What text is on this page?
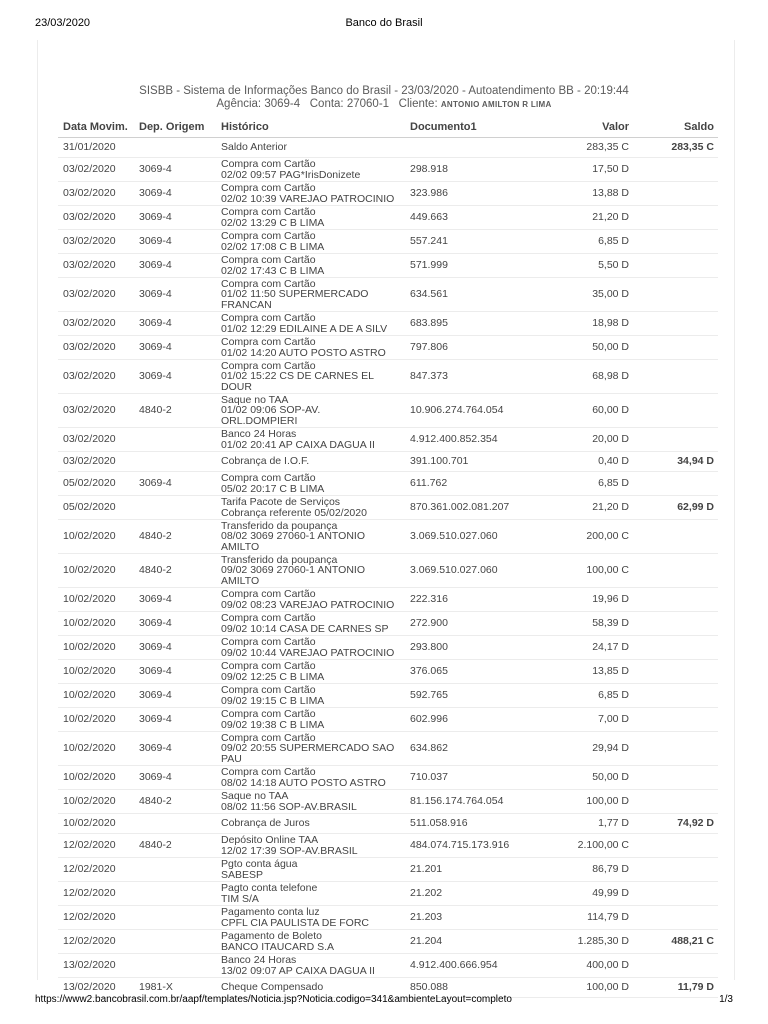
23/03/2020	Banco do Brasil
SISBB - Sistema de Informações Banco do Brasil - 23/03/2020 - Autoatendimento BB - 20:19:44
Agência: 3069-4 Conta: 27060-1 Cliente: ANTONIO AMILTON R LIMA
Data Movim.	Dep. Origem	Histórico	Documento1	Valor	Saldo
31/01/2020		Saldo Anterior		283,35 C	283,35 C
03/02/2020	3069-4	Compra com Cartão
02/02 09:57 PAG*IrisDonizete	298.918	17,50 D	
03/02/2020	3069-4	Compra com Cartão
02/02 10:39 VAREJAO PATROCINIO	323.986	13,88 D	
03/02/2020	3069-4	Compra com Cartão
02/02 13:29 C B LIMA	449.663	21,20 D	
03/02/2020	3069-4	Compra com Cartão
02/02 17:08 C B LIMA	557.241	6,85 D	
03/02/2020	3069-4	Compra com Cartão
02/02 17:43 C B LIMA	571.999	5,50 D	
03/02/2020	3069-4	Compra com Cartão
01/02 11:50 SUPERMERCADO
FRANCAN	634.561	35,00 D	
03/02/2020	3069-4	Compra com Cartão
01/02 12:29 EDILAINE A DE A SILV	683.895	18,98 D	
03/02/2020	3069-4	Compra com Cartão
01/02 14:20 AUTO POSTO ASTRO	797.806	50,00 D	
03/02/2020	3069-4	Compra com Cartão
01/02 15:22 CS DE CARNES EL
DOUR	847.373	68,98 D	
03/02/2020	4840-2	Saque no TAA
01/02 09:06 SOP-AV.
ORL.DOMPIERI	10.906.274.764.054	60,00 D	
03/02/2020		Banco 24 Horas
01/02 20:41 AP CAIXA DAGUA II	4.912.400.852.354	20,00 D	
03/02/2020		Cobrança de I.O.F.	391.100.701	0,40 D	34,94 D
05/02/2020	3069-4	Compra com Cartão
05/02 20:17 C B LIMA	611.762	6,85 D	
05/02/2020		Tarifa Pacote de Serviços
Cobrança referente 05/02/2020	870.361.002.081.207	21,20 D	62,99 D
10/02/2020	4840-2	Transferido da poupança
08/02 3069 27060-1 ANTONIO
AMILTO	3.069.510.027.060	200,00 C	
10/02/2020	4840-2	Transferido da poupança
09/02 3069 27060-1 ANTONIO
AMILTO	3.069.510.027.060	100,00 C	
10/02/2020	3069-4	Compra com Cartão
09/02 08:23 VAREJAO PATROCINIO	222.316	19,96 D	
10/02/2020	3069-4	Compra com Cartão
09/02 10:14 CASA DE CARNES SP	272.900	58,39 D	
10/02/2020	3069-4	Compra com Cartão
09/02 10:44 VAREJAO PATROCINIO	293.800	24,17 D	
10/02/2020	3069-4	Compra com Cartão
09/02 12:25 C B LIMA	376.065	13,85 D	
10/02/2020	3069-4	Compra com Cartão
09/02 19:15 C B LIMA	592.765	6,85 D	
10/02/2020	3069-4	Compra com Cartão
09/02 19:38 C B LIMA	602.996	7,00 D	
10/02/2020	3069-4	Compra com Cartão
09/02 20:55 SUPERMERCADO SAO
PAU	634.862	29,94 D	
10/02/2020	3069-4	Compra com Cartão
08/02 14:18 AUTO POSTO ASTRO	710.037	50,00 D	
10/02/2020	4840-2	Saque no TAA
08/02 11:56 SOP-AV.BRASIL	81.156.174.764.054	100,00 D	
10/02/2020		Cobrança de Juros	511.058.916	1,77 D	74,92 D
12/02/2020	4840-2	Depósito Online TAA
12/02 17:39 SOP-AV.BRASIL	484.074.715.173.916	2.100,00 C	
12/02/2020		Pgto conta água
SABESP	21.201	86,79 D	
12/02/2020		Pagto conta telefone
TIM S/A	21.202	49,99 D	
12/02/2020		Pagamento conta luz
CPFL CIA PAULISTA DE FORC	21.203	114,79 D	
12/02/2020		Pagamento de Boleto
BANCO ITAUCARD S.A	21.204	1.285,30 D	488,21 C
13/02/2020		Banco 24 Horas
13/02 09:07 AP CAIXA DAGUA II	4.912.400.666.954	400,00 D	
13/02/2020	1981-X	Cheque Compensado	850.088	100,00 D	11,79 D
https://www2.bancobrasil.com.br/aapf/templates/Noticia.jsp?Noticia.codigo=341&ambienteLayout=completo	1/3
